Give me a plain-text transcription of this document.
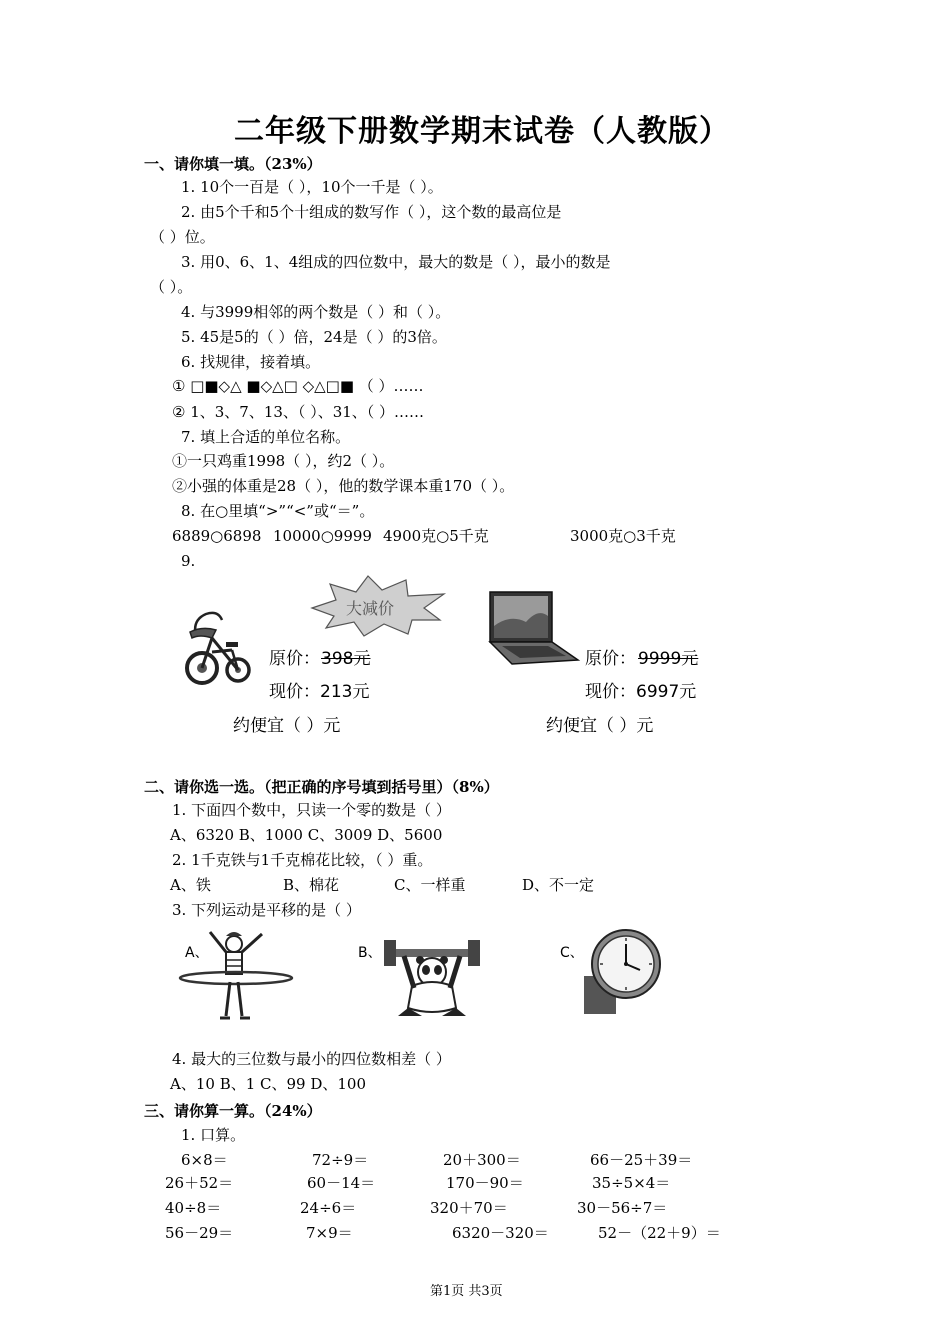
二年级下册数学期末试卷（人教版）
一、请你填一填。（23%）
1. 10个一百是（ ），10个一千是（ ）。
2. 由5个千和5个十组成的数写作（ ），这个数的最高位是
（ ）位。
3. 用0、6、1、4组成的四位数中，最大的数是（ ），最小的数是
（ ）。
4. 与3999相邻的两个数是（ ）和（ ）。
5. 45是5的（ ）倍，24是（ ）的3倍。
6. 找规律，接着填。
① □■◇△ ■◇△□ ◇△□■ （ ）……
② 1、3、7、13、（ ）、31、（ ）……
7. 填上合适的单位名称。
①一只鸡重1998（ ），约2（ ）。
②小强的体重是28（ ），他的数学课本重170（ ）。
8. 在○里填“>”“<”或“＝”。
6889○6898 10000○9999 4900克○5千克	3000克○3千克
9.
大减价
原价： 398元
现价：213元
约便宜（ ）元
原价： 9999元
现价：6997元
约便宜（ ）元
二、请你选一选。（把正确的序号填到括号里）（8%）
1. 下面四个数中，只读一个零的数是（ ）
A、6320 B、1000 C、3009 D、5600
2. 1千克铁与1千克棉花比较，（ ）重。
A、铁	B、棉花	C、一样重	D、不一定
3. 下列运动是平移的是（ ）
A、	B、	C、
4. 最大的三位数与最小的四位数相差（ ）
A、10 B、1 C、99 D、100
三、请你算一算。（24%）
1. 口算。
6×8＝	72÷9＝	20＋300＝	66－25＋39＝
26＋52＝	60－14＝	170－90＝	35÷5×4＝
40÷8＝	24÷6＝	320＋70＝	30－56÷7＝
56－29＝	7×9＝	6320－320＝	52－（22＋9）＝
第1页 共3页
